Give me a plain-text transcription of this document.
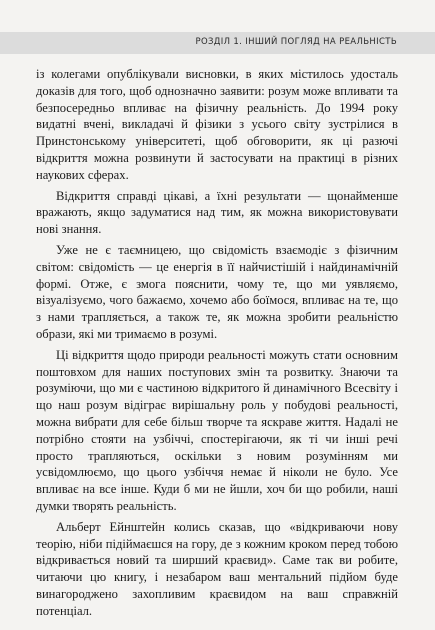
РОЗДІЛ 1. ІНШИЙ ПОГЛЯД НА РЕАЛЬНІСТЬ

із колегами опублікували висновки, в яких містилось удосталь доказів для того, щоб однозначно заявити: розум може впливати та безпосередньо впливає на фізичну реальність. До 1994 року видатні вчені, викладачі й фізики з усього світу зустрілися в Принстонському університеті, щоб обговорити, як ці разючі відкриття можна розвинути й застосувати на практиці в різних наукових сферах.

Відкриття справді цікаві, а їхні результати — щонайменше вражають, якщо задуматися над тим, як можна використовувати нові знання.

Уже не є таємницею, що свідомість взаємодіє з фізичним світом: свідомість — це енергія в її найчистішій і найдинамічній формі. Отже, є змога пояснити, чому те, що ми уявляємо, візуалізуємо, чого бажаємо, хочемо або боїмося, впливає на те, що з нами трапляється, а також те, як можна зробити реальністю образи, які ми тримаємо в розумі.

Ці відкриття щодо природи реальності можуть стати основним поштовхом для наших поступових змін та розвитку. Знаючи та розуміючи, що ми є частиною відкритого й динамічного Всесвіту і що наш розум відіграє вирішальну роль у побудові реальності, можна вибрати для себе більш творче та яскраве життя. Надалі не потрібно стояти на узбіччі, спостерігаючи, як ті чи інші речі просто трапляються, оскільки з новим розумінням ми усвідомлюємо, що цього узбіччя немає й ніколи не було. Усе впливає на все інше. Куди б ми не йшли, хоч би що робили, наші думки творять реальність.

Альберт Ейнштейн колись сказав, що «відкриваючи нову теорію, ніби підіймаєшся на гору, де з кожним кроком перед тобою відкривається новий та ширший краєвид». Саме так ви робите, читаючи цю книгу, і незабаром ваш ментальний підйом буде винагороджено захопливим краєвидом на ваш справжній потенціал.
